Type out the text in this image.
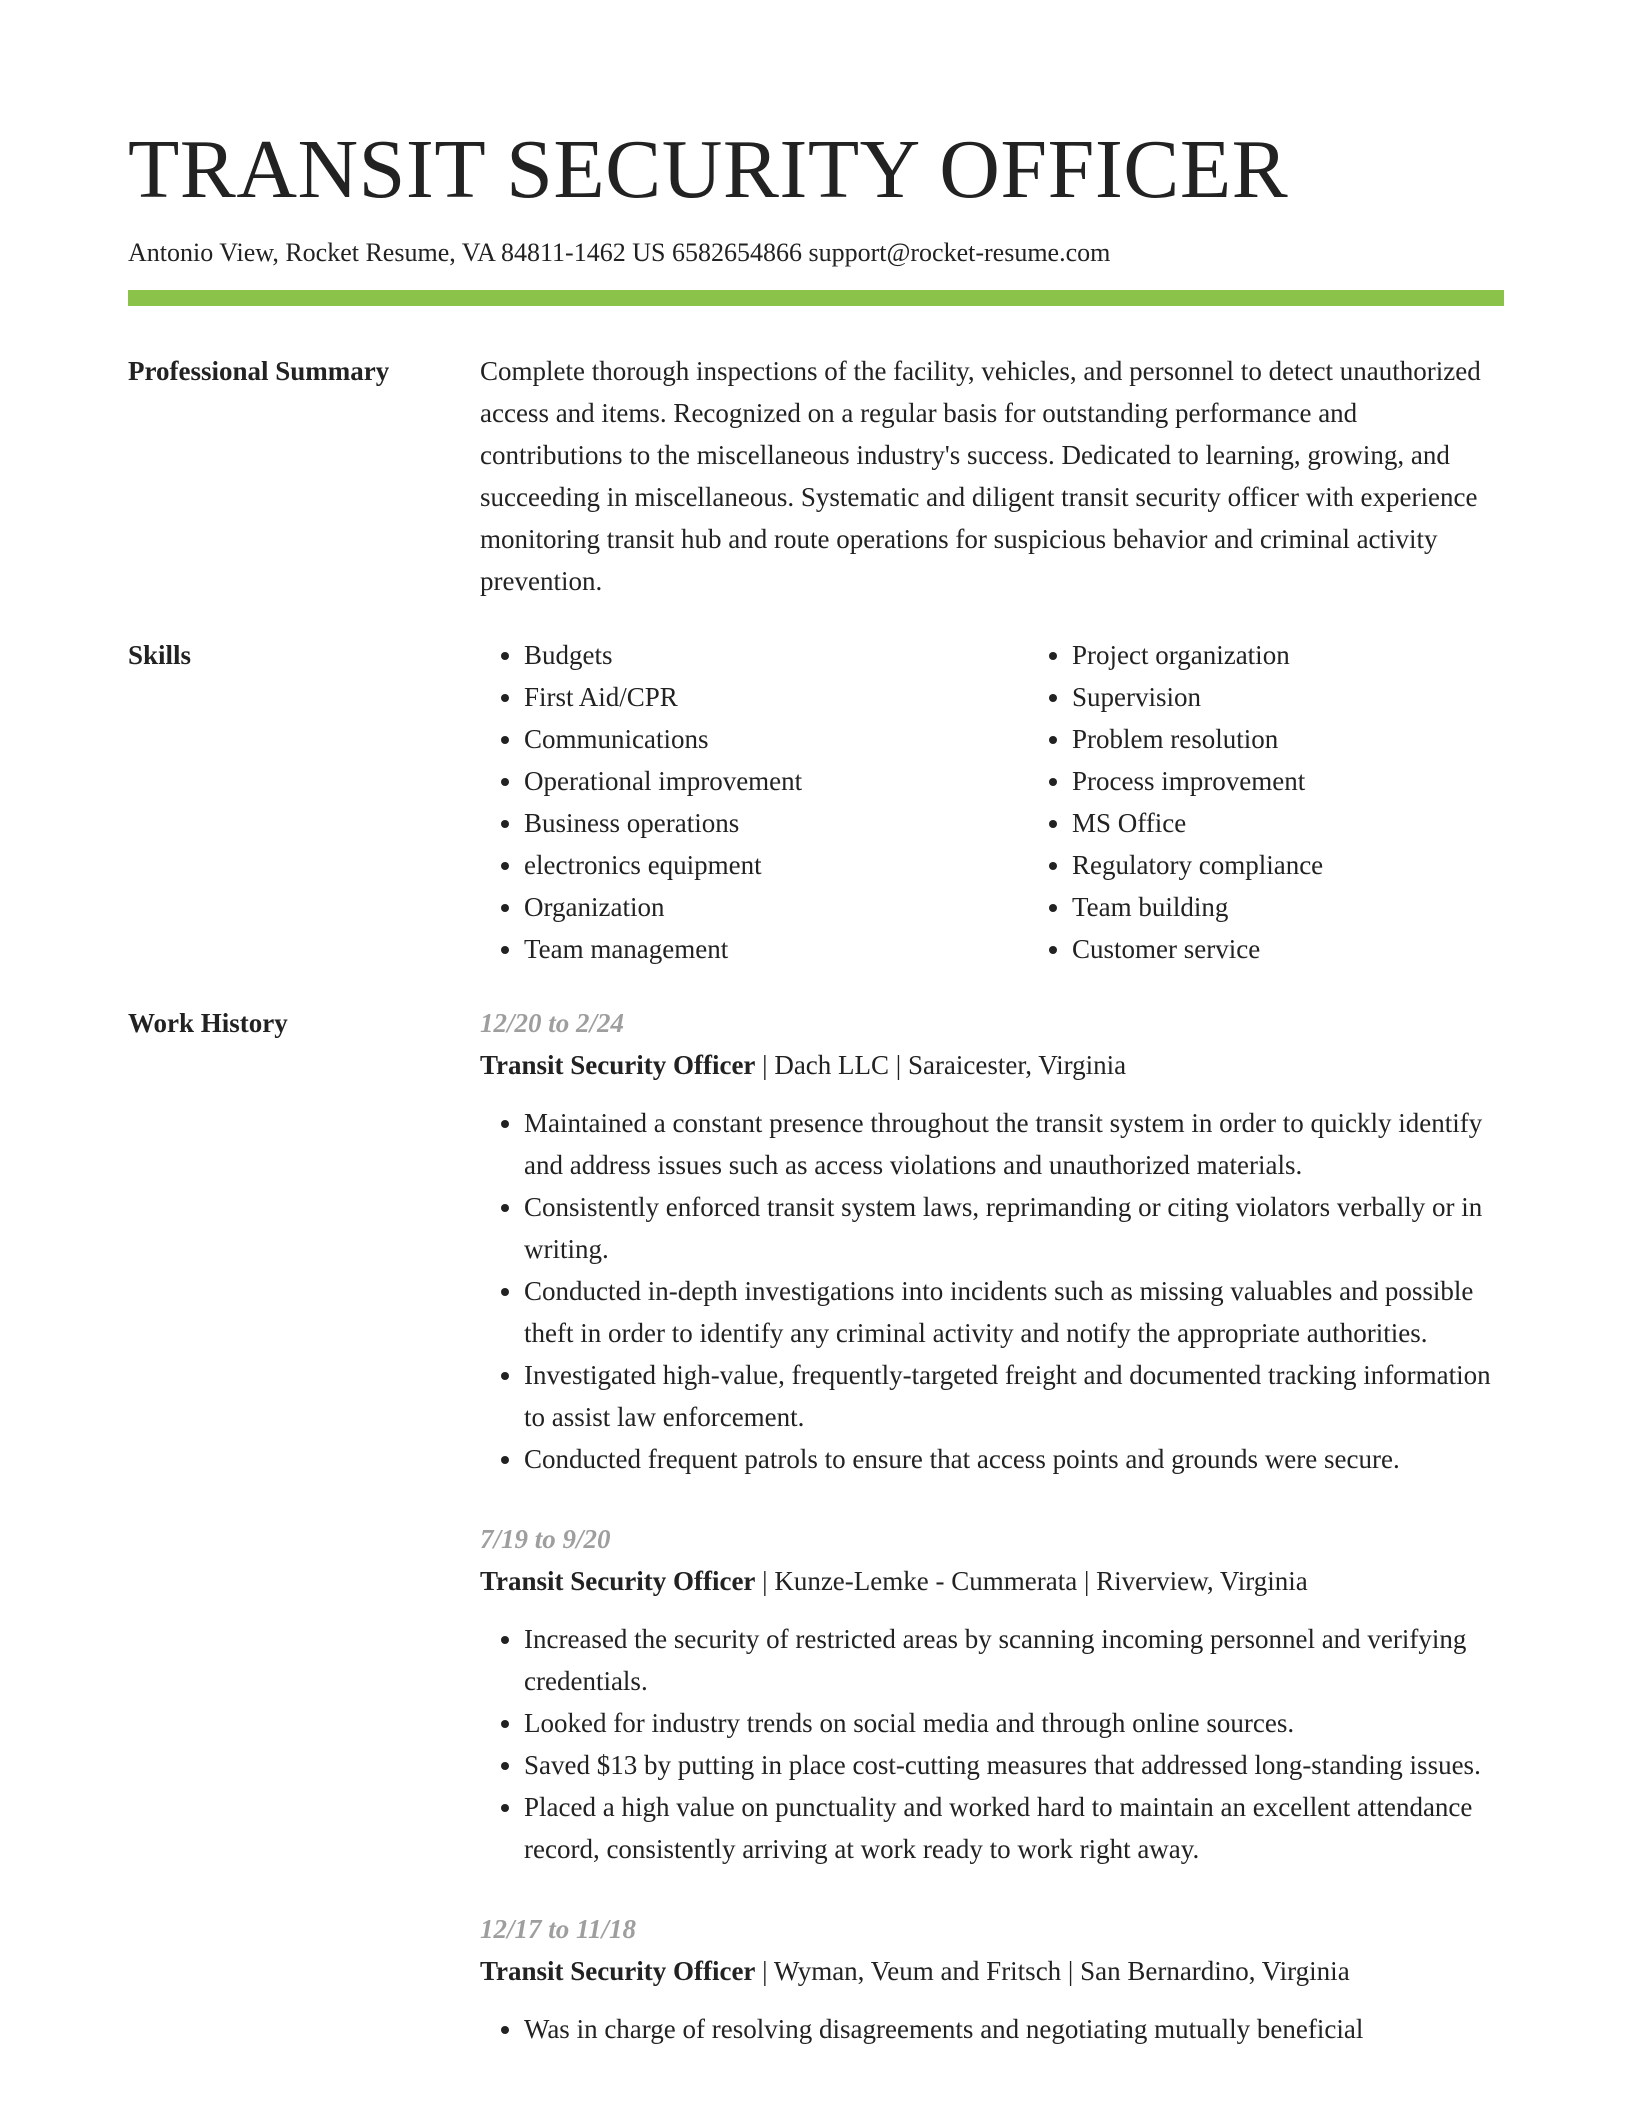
TRANSIT SECURITY OFFICER
Antonio View, Rocket Resume, VA 84811-1462 US 6582654866 support@rocket-resume.com
Professional Summary	Complete thorough inspections of the facility, vehicles, and personnel to detect unauthorized access and items. Recognized on a regular basis for outstanding performance and contributions to the miscellaneous industry's success. Dedicated to learning, growing, and succeeding in miscellaneous. Systematic and diligent transit security officer with experience monitoring transit hub and route operations for suspicious behavior and criminal activity prevention.

Skills
•	Budgets
• First Aid/CPR
• Communications
• Operational improvement
• Business operations
• electronics equipment
• Organization
• Team management
• Project organization
• Supervision
• Problem resolution
• Process improvement
• MS Office
• Regulatory compliance
• Team building
• Customer service
Work History	12/20 to 2/24
Transit Security Officer | Dach LLC | Saraicester, Virginia
• Maintained a constant presence throughout the transit system in order to quickly identify and address issues such as access violations and unauthorized materials.
• Consistently enforced transit system laws, reprimanding or citing violators verbally or in writing.
• Conducted in-depth investigations into incidents such as missing valuables and possible theft in order to identify any criminal activity and notify the appropriate authorities.
• Investigated high-value, frequently-targeted freight and documented tracking information to assist law enforcement.
• Conducted frequent patrols to ensure that access points and grounds were secure.
7/19 to 9/20
Transit Security Officer | Kunze-Lemke - Cummerata | Riverview, Virginia
• Increased the security of restricted areas by scanning incoming personnel and verifying credentials.
• Looked for industry trends on social media and through online sources.
• Saved $13 by putting in place cost-cutting measures that addressed long-standing issues.
• Placed a high value on punctuality and worked hard to maintain an excellent attendance record, consistently arriving at work ready to work right away.
12/17 to 11/18
Transit Security Officer | Wyman, Veum and Fritsch | San Bernardino, Virginia
• Was in charge of resolving disagreements and negotiating mutually beneficial
